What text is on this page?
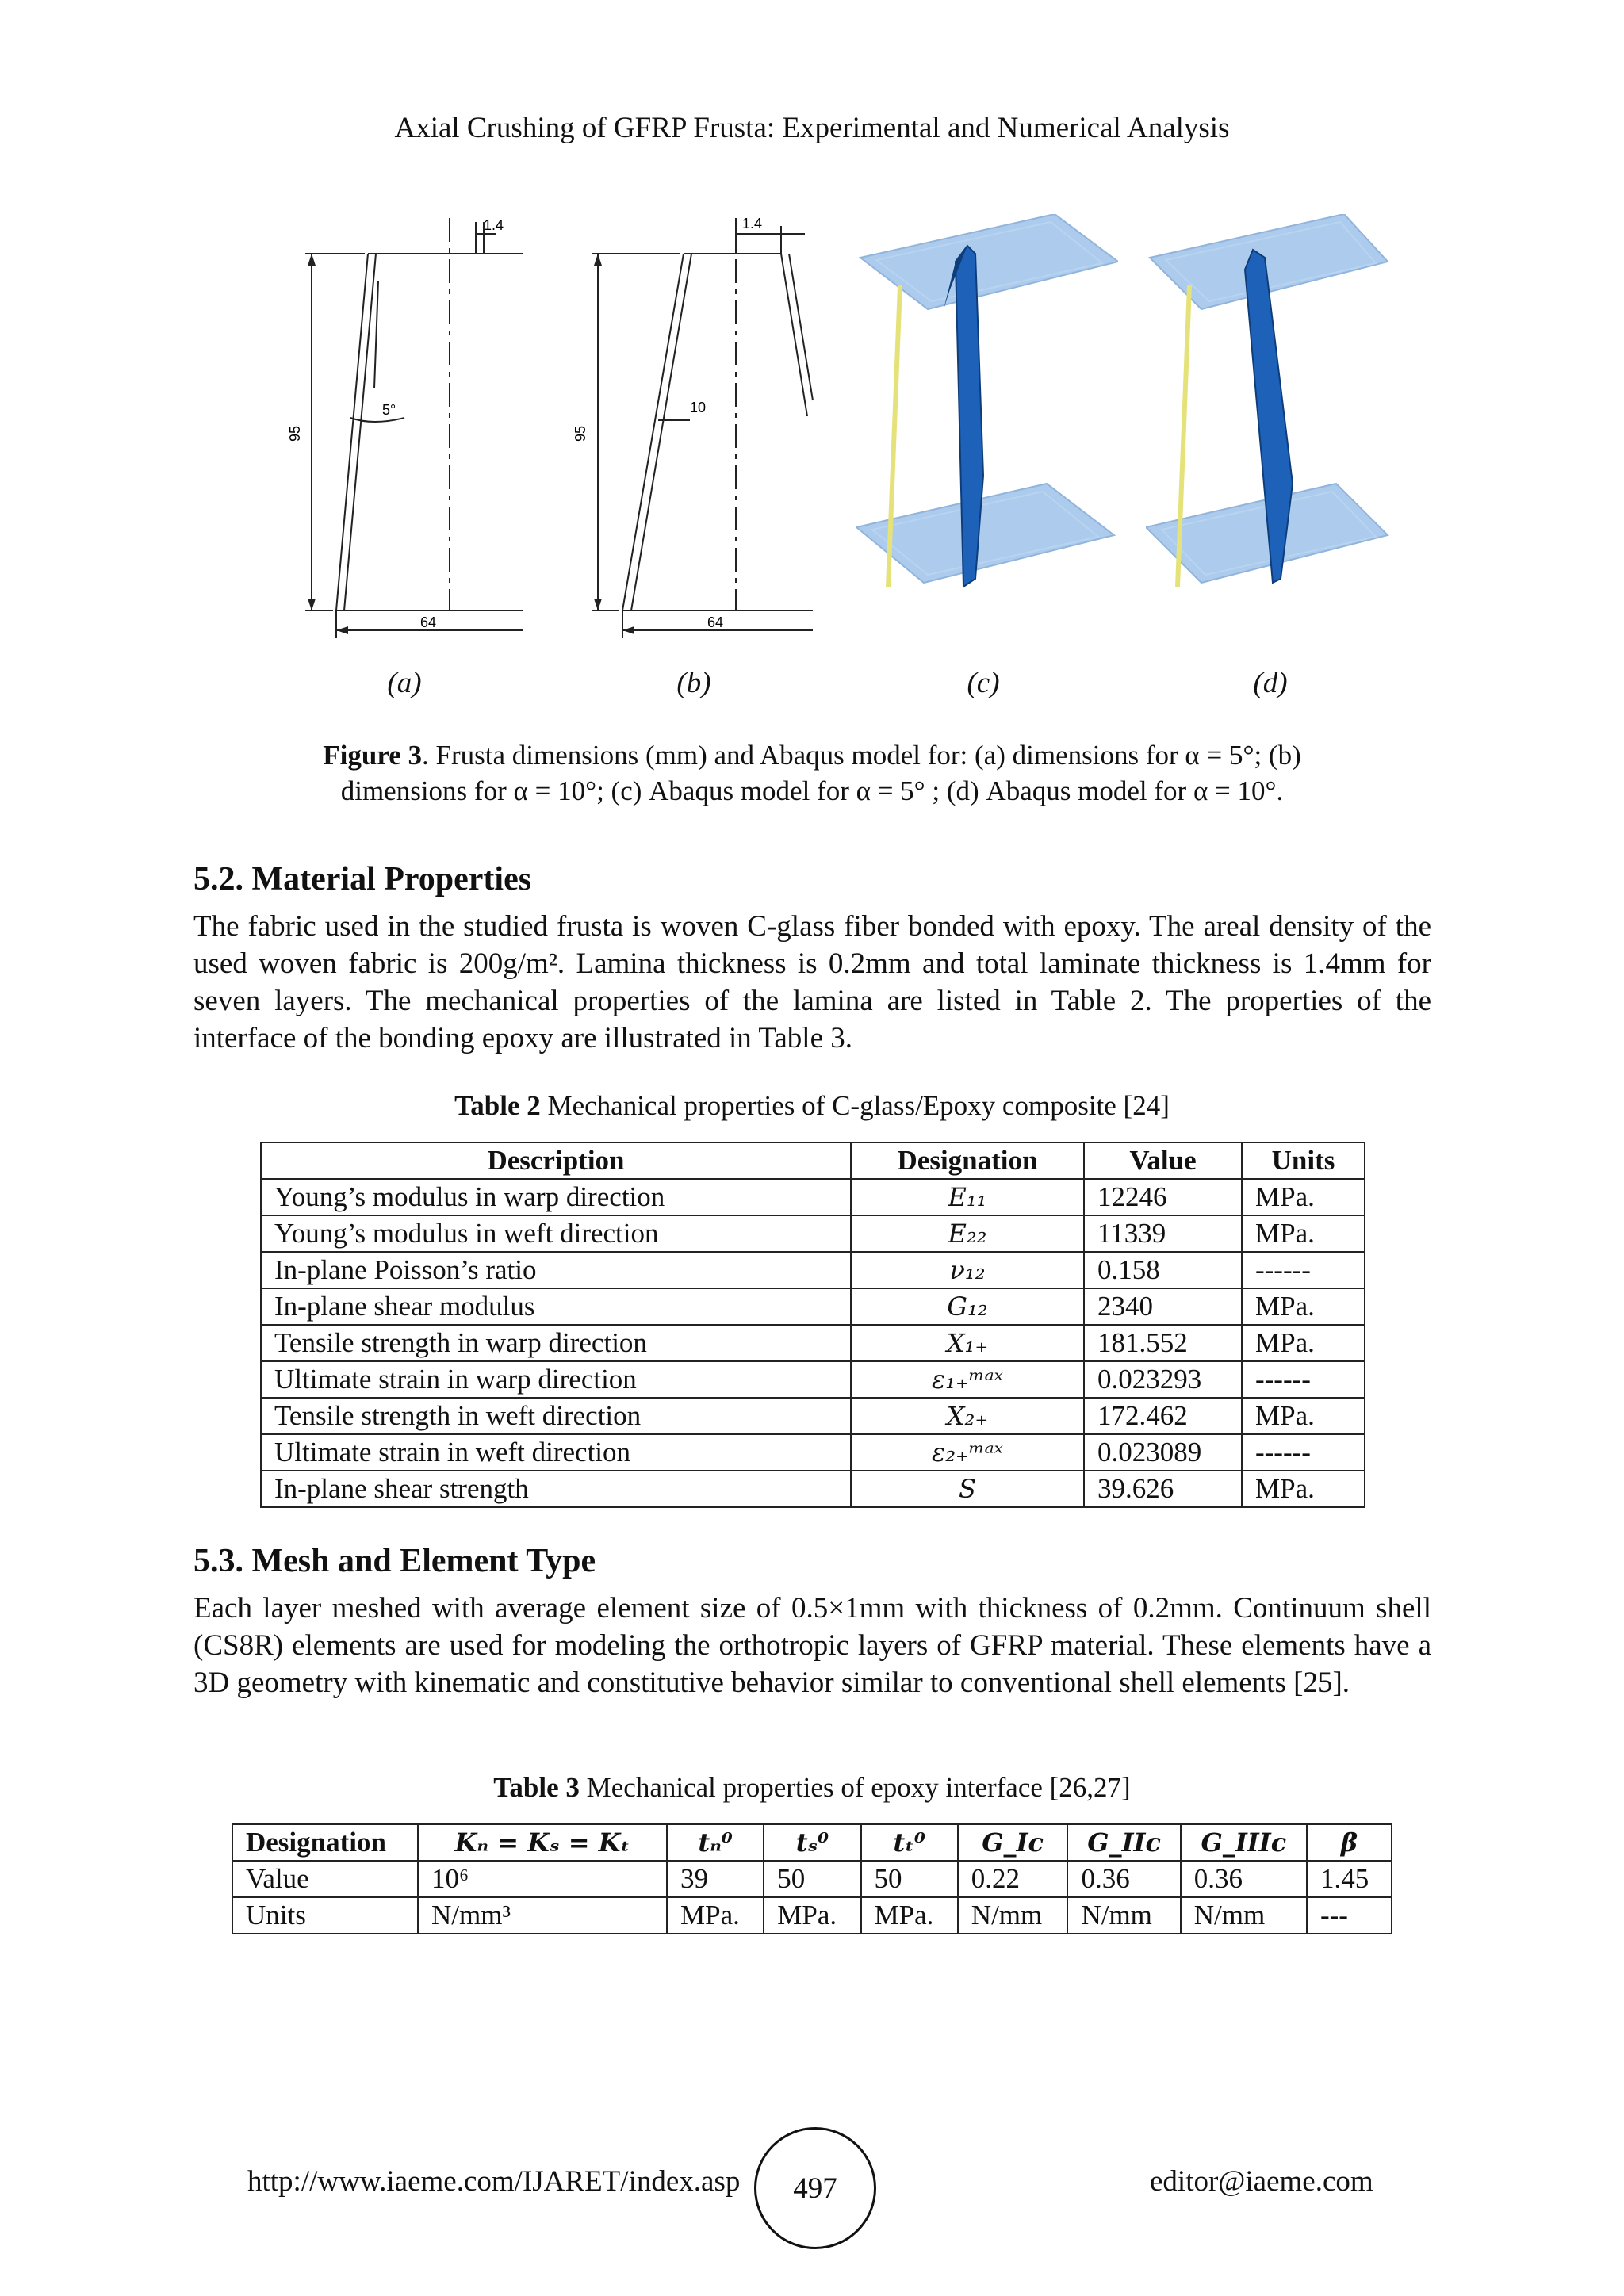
Axial Crushing of GFRP Frusta: Experimental and Numerical Analysis
1.4
95
5°
64
1.4
95
10
64
(a)	(b)	(c)	(d)
Figure 3. Frusta dimensions (mm) and Abaqus model for: (a) dimensions for α = 5°; (b)
dimensions for α = 10°; (c) Abaqus model for α = 5° ; (d) Abaqus model for α = 10°.
5.2. Material Properties
The fabric used in the studied frusta is woven C-glass fiber bonded with epoxy. The areal density of the used woven fabric is 200g/m². Lamina thickness is 0.2mm and total laminate thickness is 1.4mm for seven layers. The mechanical properties of the lamina are listed in Table 2. The properties of the interface of the bonding epoxy are illustrated in Table 3.
Table 2 Mechanical properties of C-glass/Epoxy composite [24]
Description	Designation	Value	Units
Young’s modulus in warp direction	E₁₁	12246	MPa.
Young’s modulus in weft direction	E₂₂	11339	MPa.
In-plane Poisson’s ratio	ν₁₂	0.158	------
In-plane shear modulus	G₁₂	2340	MPa.
Tensile strength in warp direction	X₁₊	181.552	MPa.
Ultimate strain in warp direction	ε₁₊ᵐᵃˣ	0.023293	------
Tensile strength in weft direction	X₂₊	172.462	MPa.
Ultimate strain in weft direction	ε₂₊ᵐᵃˣ	0.023089	------
In-plane shear strength	S	39.626	MPa.
5.3. Mesh and Element Type
Each layer meshed with average element size of 0.5×1mm with thickness of 0.2mm. Continuum shell (CS8R) elements are used for modeling the orthotropic layers of GFRP material. These elements have a 3D geometry with kinematic and constitutive behavior similar to conventional shell elements [25].
Table 3 Mechanical properties of epoxy interface [26,27]
Designation	Kₙ = Kₛ = Kₜ	tₙ⁰	tₛ⁰	tₜ⁰	G_Ic	G_IIc	G_IIIc	β
Value	10⁶	39	50	50	0.22	0.36	0.36	1.45
Units	N/mm³	MPa.	MPa.	MPa.	N/mm	N/mm	N/mm	---
http://www.iaeme.com/IJARET/index.asp	497	editor@iaeme.com
